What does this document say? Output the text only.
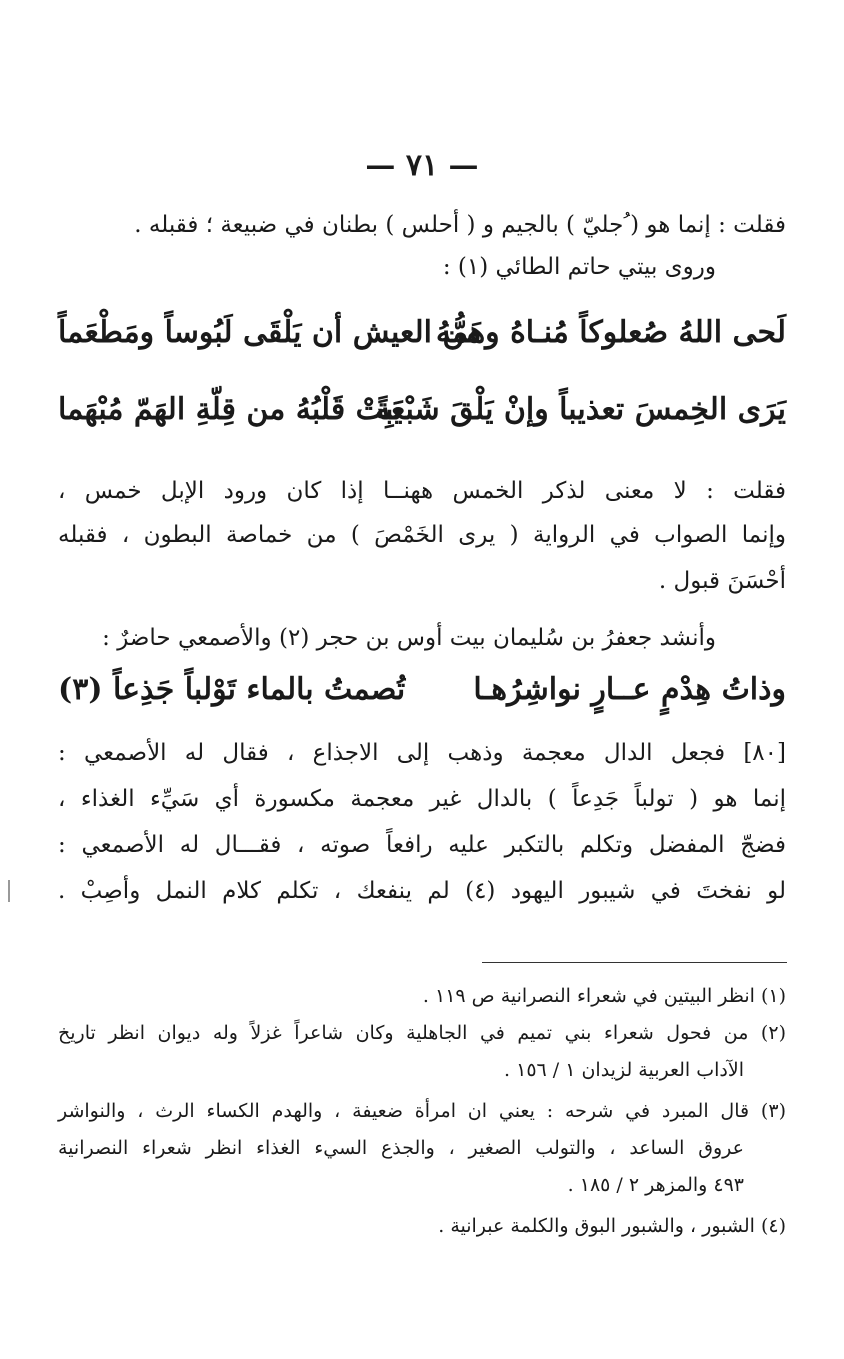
— ٧١ —
فقلت : إنما هو ( ُجليّ ) بالجيم و ( أحلس ) بطنان في ضبيعة ؛ فقبله .
وروى بيتي حاتم الطائي (١) :
لَحى اللهُ صُعلوكاً مُنـاهُ وهَمُّهُ
من العيش أن يَلْقَى لَبُوساً ومَطْعَماً
يَرَى الخِمسَ تعذيباً وإنْ يَلْقَ شَبْعَةً
يَبِتْ قَلْبُهُ من قِلّةِ الهَمّ مُبْهَما
فقلت : لا معنى لذكر الخمس ههنــا إذا كان ورود الإبل خمس ،
وإنما الصواب في الرواية ( يرى الخَمْصَ ) من خماصة البطون ، فقبله
أحْسَنَ قبول .
وأنشد جعفرُ بن سُليمان بيت أوس بن حجر (٢) والأصمعي حاضرٌ :
وذاتُ هِدْمٍ عــارٍ نواشِرُهـا
تُصمتُ بالماء تَوْلباً جَذِعاً (٣)
[٨٠] فجعل الدال معجمة وذهب إلى الاجذاع ، فقال له الأصمعي :
إنما هو ( تولباً جَدِعاً ) بالدال غير معجمة مكسورة أي سَيِّء الغذاء ،
فضجّ المفضل وتكلم بالتكبر عليه رافعاً صوته ، فقـــال له الأصمعي :
لو نفختَ في شيبور اليهود (٤) لم ينفعك ، تكلم كلام النمل وأصِبْ .
(١) انظر البيتين في شعراء النصرانية ص ١١٩ .
(٢) من فحول شعراء بني تميم في الجاهلية وكان شاعراً غزلاً وله ديوان انظر تاريخ
الآداب العربية لزيدان ١ / ١٥٦ .
(٣) قال المبرد في شرحه : يعني ان امرأة ضعيفة ، والهدم الكساء الرث ، والنواشر
عروق الساعد ، والتولب الصغير ، والجذع السيء الغذاء انظر شعراء النصرانية
٤٩٣ والمزهر ٢ / ١٨٥ .
(٤) الشبور ، والشبور البوق والكلمة عبرانية .
